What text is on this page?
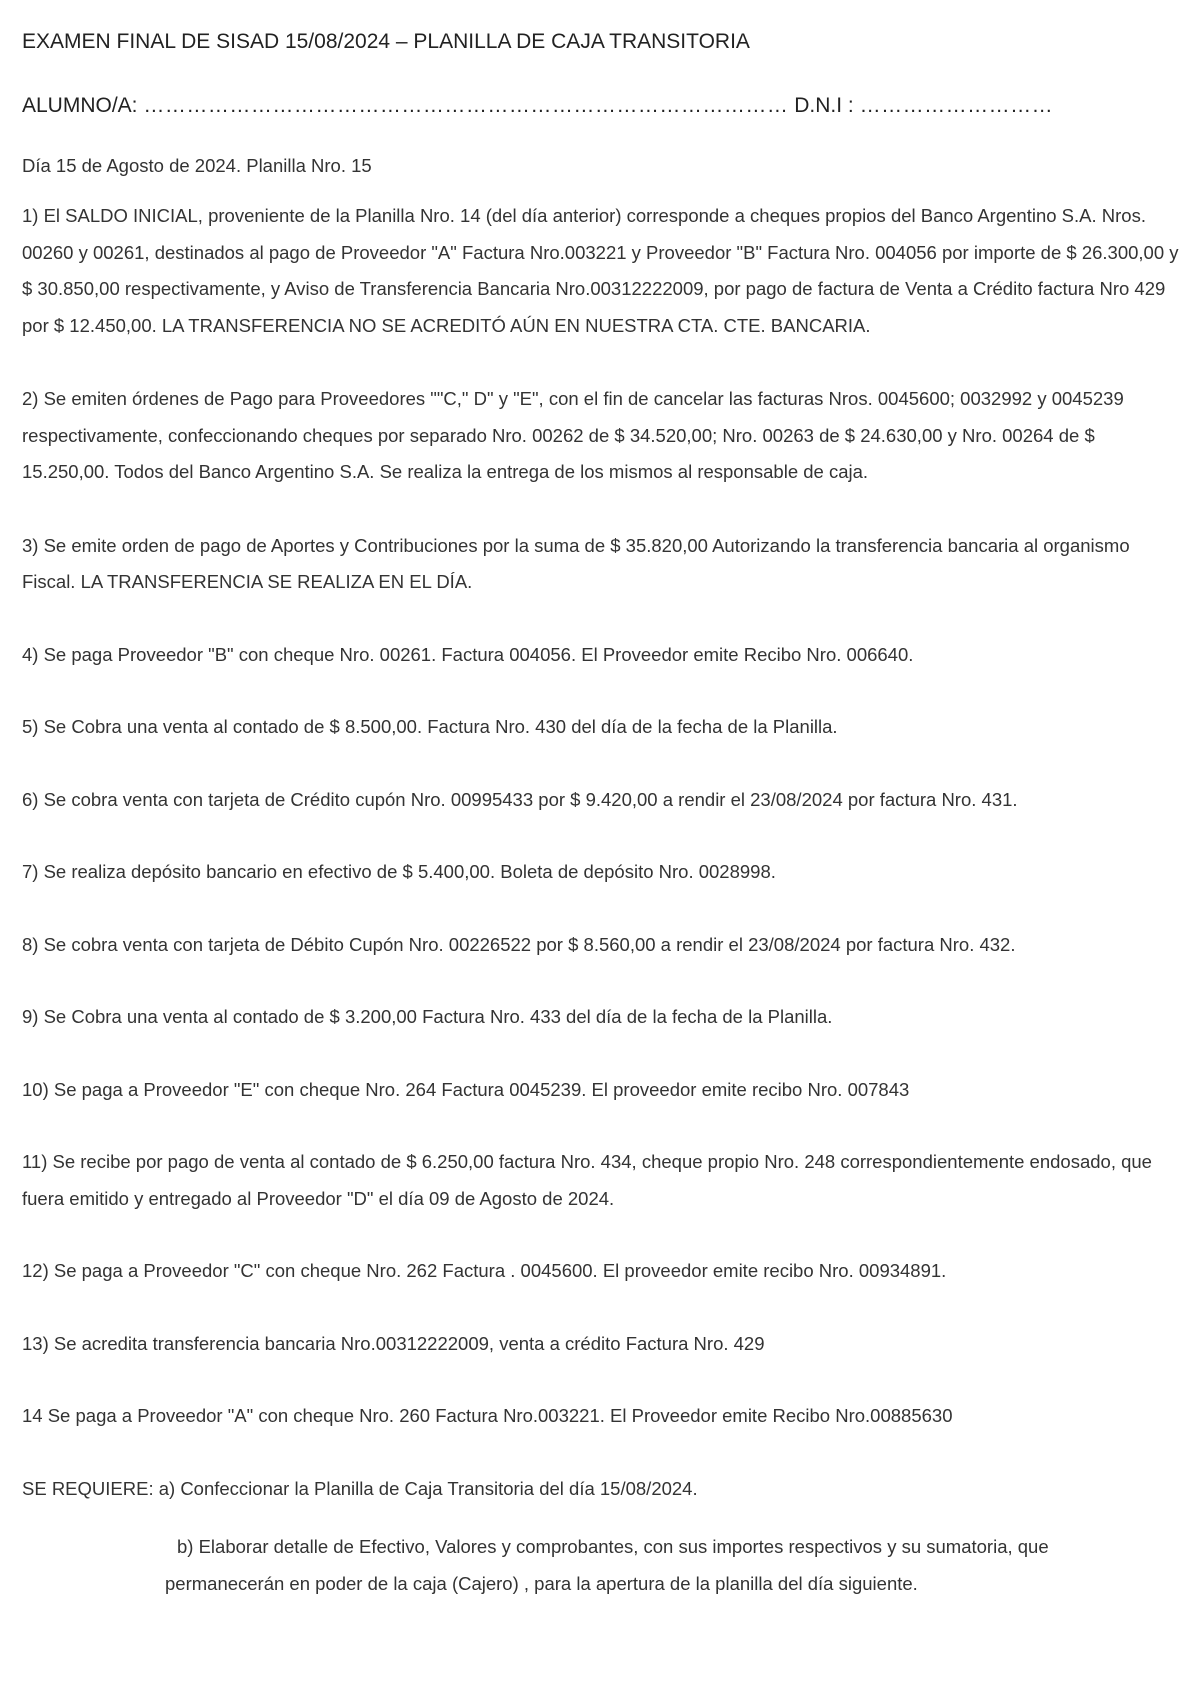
EXAMEN FINAL DE SISAD 15/08/2024 – PLANILLA DE CAJA TRANSITORIA
ALUMNO/A: ……………………………………………………………………………… D.N.I : ………………………
Día 15 de Agosto de 2024. Planilla Nro. 15

1) El SALDO INICIAL, proveniente de la Planilla Nro. 14 (del día anterior) corresponde a cheques propios del Banco Argentino S.A. Nros. 00260 y 00261, destinados al pago de Proveedor "A" Factura Nro.003221 y Proveedor "B" Factura Nro. 004056 por importe de $ 26.300,00 y $ 30.850,00 respectivamente, y Aviso de Transferencia Bancaria Nro.00312222009, por pago de factura de Venta a Crédito factura Nro 429 por $ 12.450,00. LA TRANSFERENCIA NO SE ACREDITÓ AÚN EN NUESTRA CTA. CTE. BANCARIA.

2) Se emiten órdenes de Pago para Proveedores ""C," D" y "E", con el fin de cancelar las facturas Nros. 0045600; 0032992 y 0045239 respectivamente, confeccionando cheques por separado Nro. 00262 de $ 34.520,00; Nro. 00263 de $ 24.630,00 y Nro. 00264 de $ 15.250,00. Todos del Banco Argentino S.A. Se realiza la entrega de los mismos al responsable de caja.

3) Se emite orden de pago de Aportes y Contribuciones por la suma de $ 35.820,00 Autorizando la transferencia bancaria al organismo Fiscal. LA TRANSFERENCIA SE REALIZA EN EL DÍA.

4) Se paga Proveedor "B" con cheque Nro. 00261. Factura 004056. El Proveedor emite Recibo Nro. 006640.

5) Se Cobra una venta al contado de $ 8.500,00. Factura Nro. 430 del día de la fecha de la Planilla.

6) Se cobra venta con tarjeta de Crédito cupón Nro. 00995433 por $ 9.420,00 a rendir el 23/08/2024 por factura Nro. 431.

7) Se realiza depósito bancario en efectivo de $ 5.400,00. Boleta de depósito Nro. 0028998.

8) Se cobra venta con tarjeta de Débito Cupón Nro. 00226522 por $ 8.560,00 a rendir el 23/08/2024 por factura Nro. 432.

9) Se Cobra una venta al contado de $ 3.200,00 Factura Nro. 433 del día de la fecha de la Planilla.

10) Se paga a Proveedor "E" con cheque Nro. 264 Factura 0045239. El proveedor emite recibo Nro. 007843

11) Se recibe por pago de venta al contado de $ 6.250,00 factura Nro. 434, cheque propio Nro. 248 correspondientemente endosado, que fuera emitido y entregado al Proveedor "D" el día 09 de Agosto de 2024.

12) Se paga a Proveedor "C" con cheque Nro. 262 Factura . 0045600. El proveedor emite recibo Nro. 00934891.

13) Se acredita transferencia bancaria Nro.00312222009, venta a crédito Factura Nro. 429

14 Se paga a Proveedor "A" con cheque Nro. 260 Factura Nro.003221. El Proveedor emite Recibo Nro.00885630

SE REQUIERE: a) Confeccionar la Planilla de Caja Transitoria del día 15/08/2024.
b) Elaborar detalle de Efectivo, Valores y comprobantes, con sus importes respectivos y su sumatoria, que
permanecerán en poder de la caja (Cajero) , para la apertura de la planilla del día siguiente.
